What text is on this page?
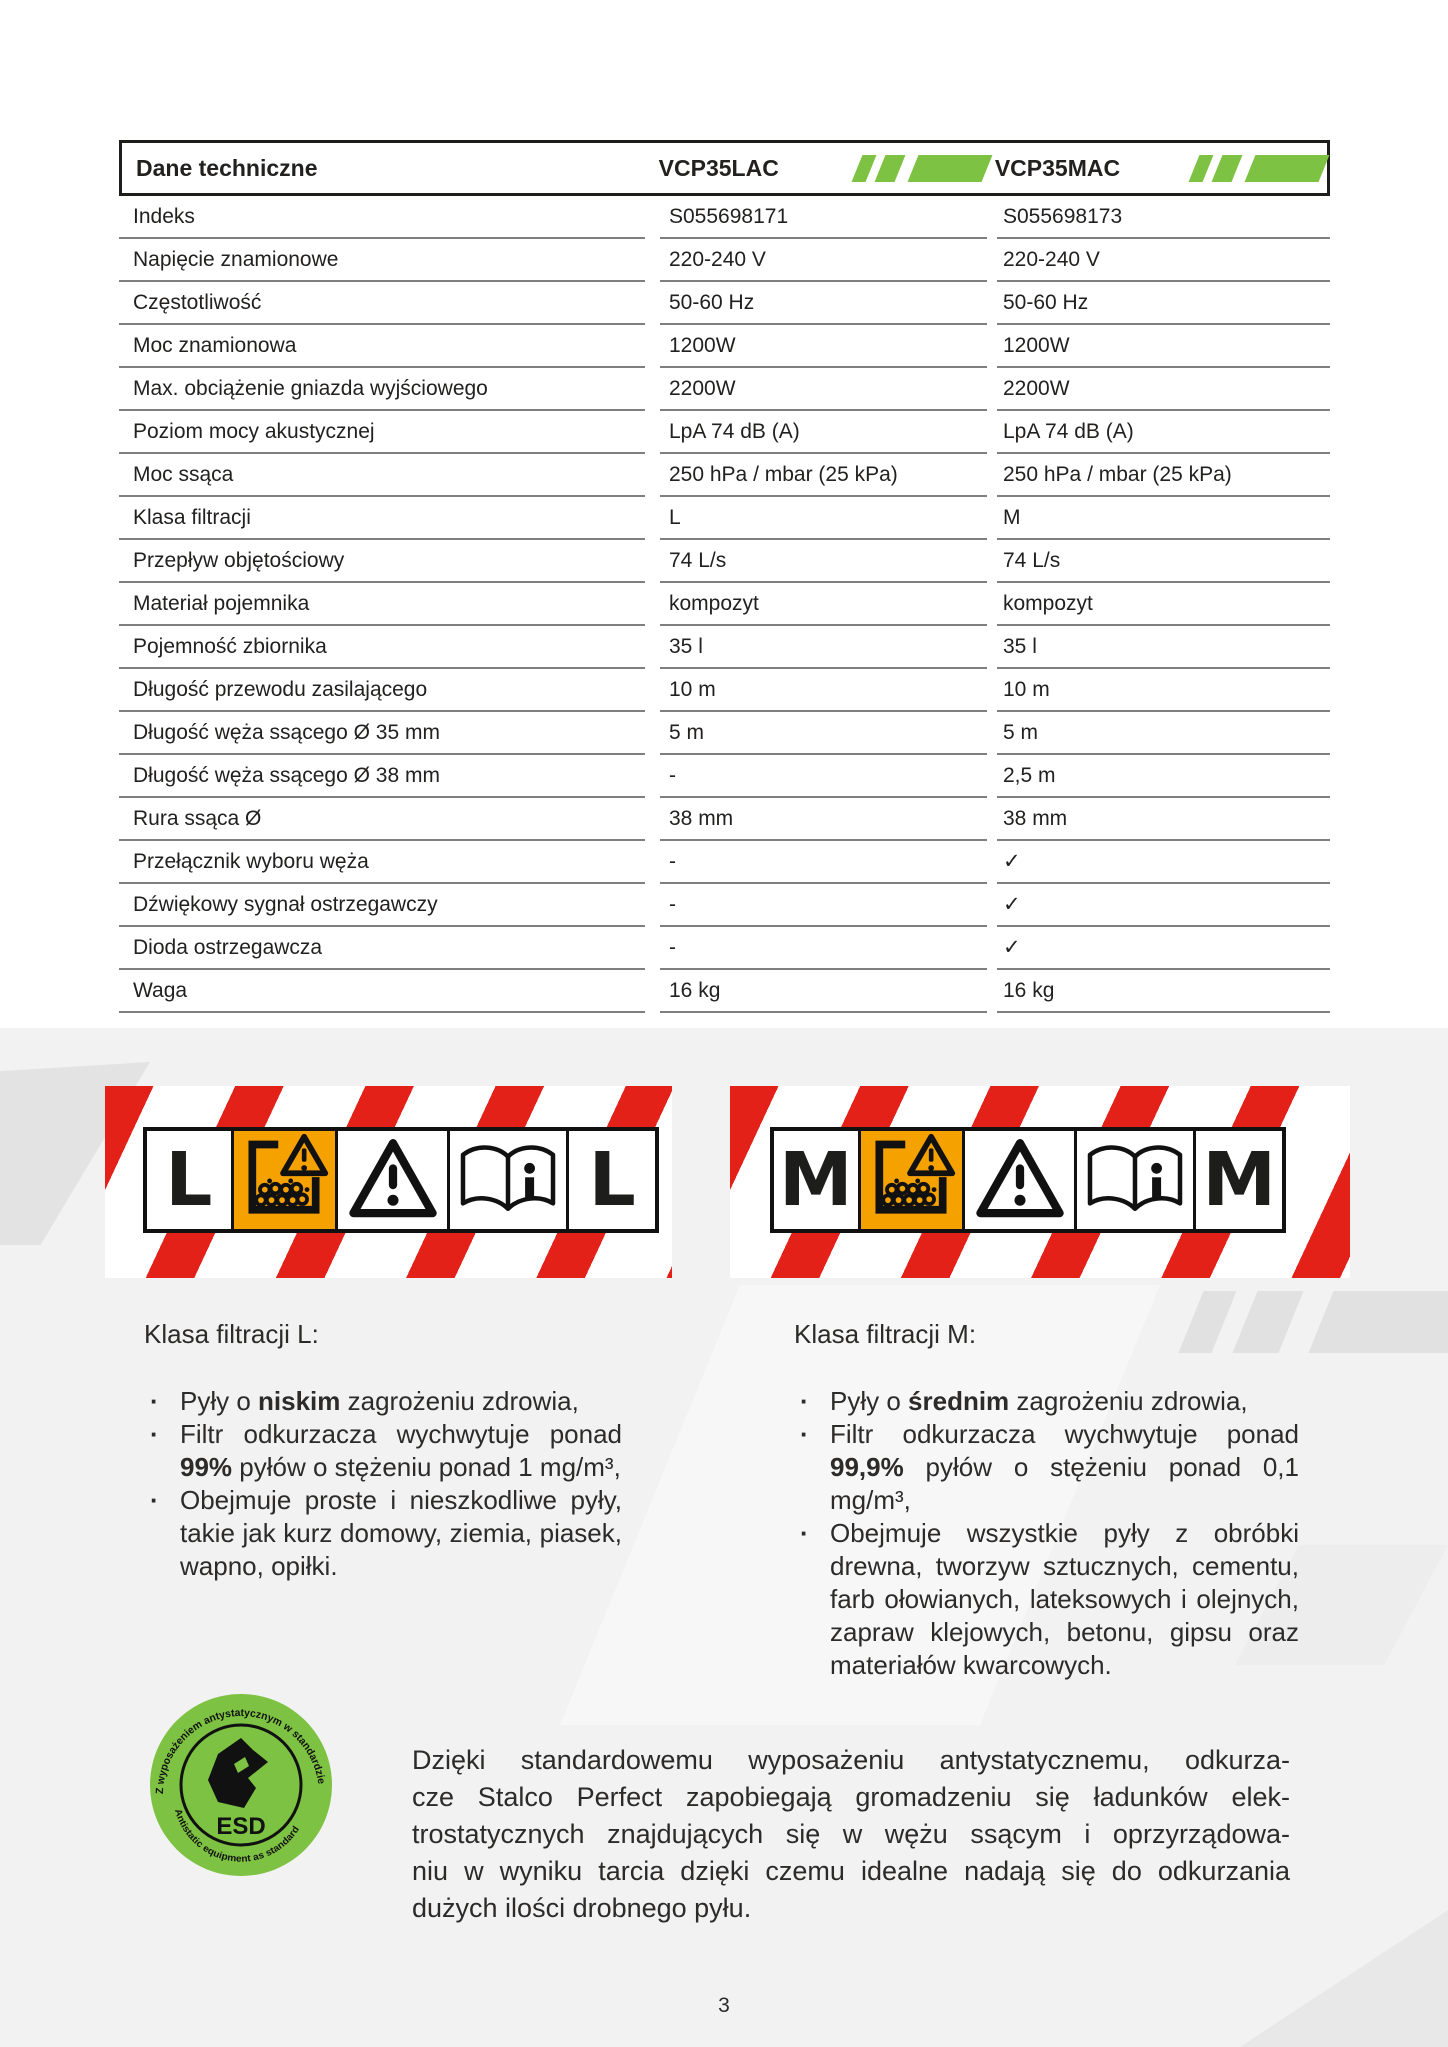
Dane techniczne	VCP35LAC	VCP35MAC
Indeks	S055698171	S055698173
Napięcie znamionowe	220-240 V	220-240 V
Częstotliwość	50-60 Hz	50-60 Hz
Moc znamionowa	1200W	1200W
Max. obciążenie gniazda wyjściowego	2200W	2200W
Poziom mocy akustycznej	LpA 74 dB (A)	LpA 74 dB (A)
Moc ssąca	250 hPa / mbar (25 kPa)	250 hPa / mbar (25 kPa)
Klasa filtracji	L	M
Przepływ objętościowy	74 L/s	74 L/s
Materiał pojemnika	kompozyt	kompozyt
Pojemność zbiornika	35 l	35 l
Długość przewodu zasilającego	10 m	10 m
Długość węża ssącego Ø 35 mm	5 m	5 m
Długość węża ssącego Ø 38 mm	-	2,5 m
Rura ssąca Ø	38 mm	38 mm
Przełącznik wyboru węża	-	✓
Dźwiękowy sygnał ostrzegawczy	-	✓
Dioda ostrzegawcza	-	✓
Waga	16 kg	16 kg
L	L M	M
Klasa filtracji L:
· Pyły o niskim zagrożeniu zdrowia,
· Filtr odkurzacza wychwytuje ponad 99% pyłów o stężeniu ponad 1 mg/m³,
· Obejmuje proste i nieszkodliwe pyły, takie jak kurz domowy, ziemia, piasek, wapno, opiłki.
Klasa filtracji M:
· Pyły o średnim zagrożeniu zdrowia,
· Filtr odkurzacza wychwytuje ponad 99,9% pyłów o stężeniu ponad 0,1 mg/m³,
· Obejmuje wszystkie pyły z obróbki drewna, tworzyw sztucznych, cementu, farb ołowianych, lateksowych i olejnych, zapraw klejowych, betonu, gipsu oraz materiałów kwarcowych.
Z wyposażeniem antystatycznym w standardzie
Antistatic equipment as standard
ESD
Dzięki standardowemu wyposażeniu antystatycznemu, odkurza-
cze Stalco Perfect zapobiegają gromadzeniu się ładunków elek-
trostatycznych znajdujących się w wężu ssącym i oprzyrządowa-
niu w wyniku tarcia dzięki czemu idealne nadają się do odkurzania
dużych ilości drobnego pyłu.
3
